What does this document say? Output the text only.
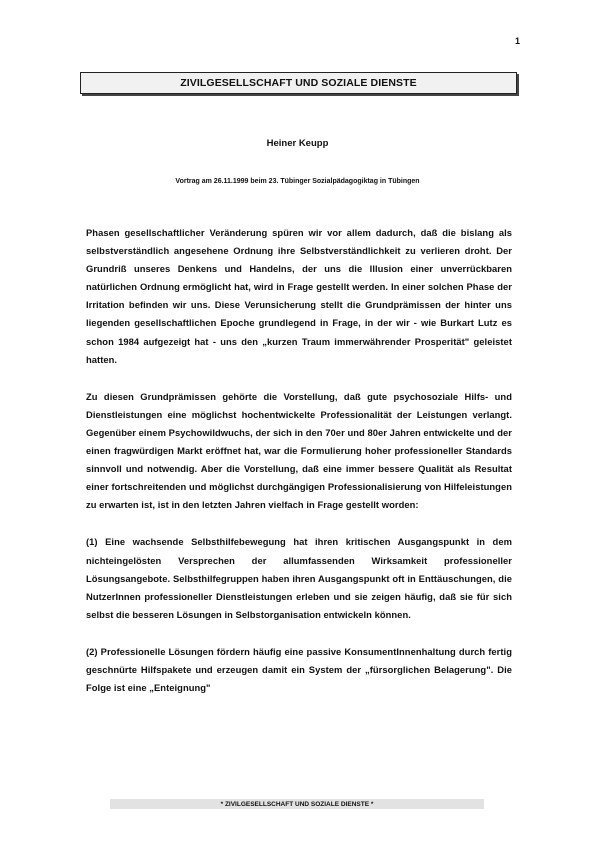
1
ZIVILGESELLSCHAFT UND SOZIALE DIENSTE
Heiner Keupp
Vortrag am 26.11.1999 beim 23. Tübinger Sozialpädagogiktag in Tübingen

Phasen gesellschaftlicher Veränderung spüren wir vor allem dadurch, daß die bislang als selbstverständlich angesehene Ordnung ihre Selbstverständlichkeit zu verlieren droht. Der Grundriß unseres Denkens und Handelns, der uns die Illusion einer unverrückbaren natürlichen Ordnung ermöglicht hat, wird in Frage gestellt werden. In einer solchen Phase der Irritation befinden wir uns. Diese Verunsicherung stellt die Grundprämissen der hinter uns liegenden gesellschaftlichen Epoche grundlegend in Frage, in der wir - wie Burkart Lutz es schon 1984 aufgezeigt hat - uns den „kurzen Traum immerwährender Prosperität" geleistet hatten.

Zu diesen Grundprämissen gehörte die Vorstellung, daß gute psychosoziale Hilfs- und Dienstleistungen eine möglichst hochentwickelte Professionalität der Leistungen verlangt. Gegenüber einem Psychowildwuchs, der sich in den 70er und 80er Jahren entwickelte und der einen fragwürdigen Markt eröffnet hat, war die Formulierung hoher professioneller Standards sinnvoll und notwendig. Aber die Vorstellung, daß eine immer bessere Qualität als Resultat einer fortschreitenden und möglichst durchgängigen Professionalisierung von Hilfeleistungen zu erwarten ist, ist in den letzten Jahren vielfach in Frage gestellt worden:

(1) Eine wachsende Selbsthilfebewegung hat ihren kritischen Ausgangspunkt in dem nichteingelösten Versprechen der allumfassenden Wirksamkeit professioneller Lösungsangebote. Selbsthilfegruppen haben ihren Ausgangspunkt oft in Enttäuschungen, die NutzerInnen professioneller Dienstleistungen erleben und sie zeigen häufig, daß sie für sich selbst die besseren Lösungen in Selbstorganisation entwickeln können.

(2) Professionelle Lösungen fördern häufig eine passive KonsumentInnenhaltung durch fertig geschnürte Hilfspakete und erzeugen damit ein System der „fürsorglichen Belagerung". Die Folge ist eine „Enteignung"

* ZIVILGESELLSCHAFT UND SOZIALE DIENSTE *
